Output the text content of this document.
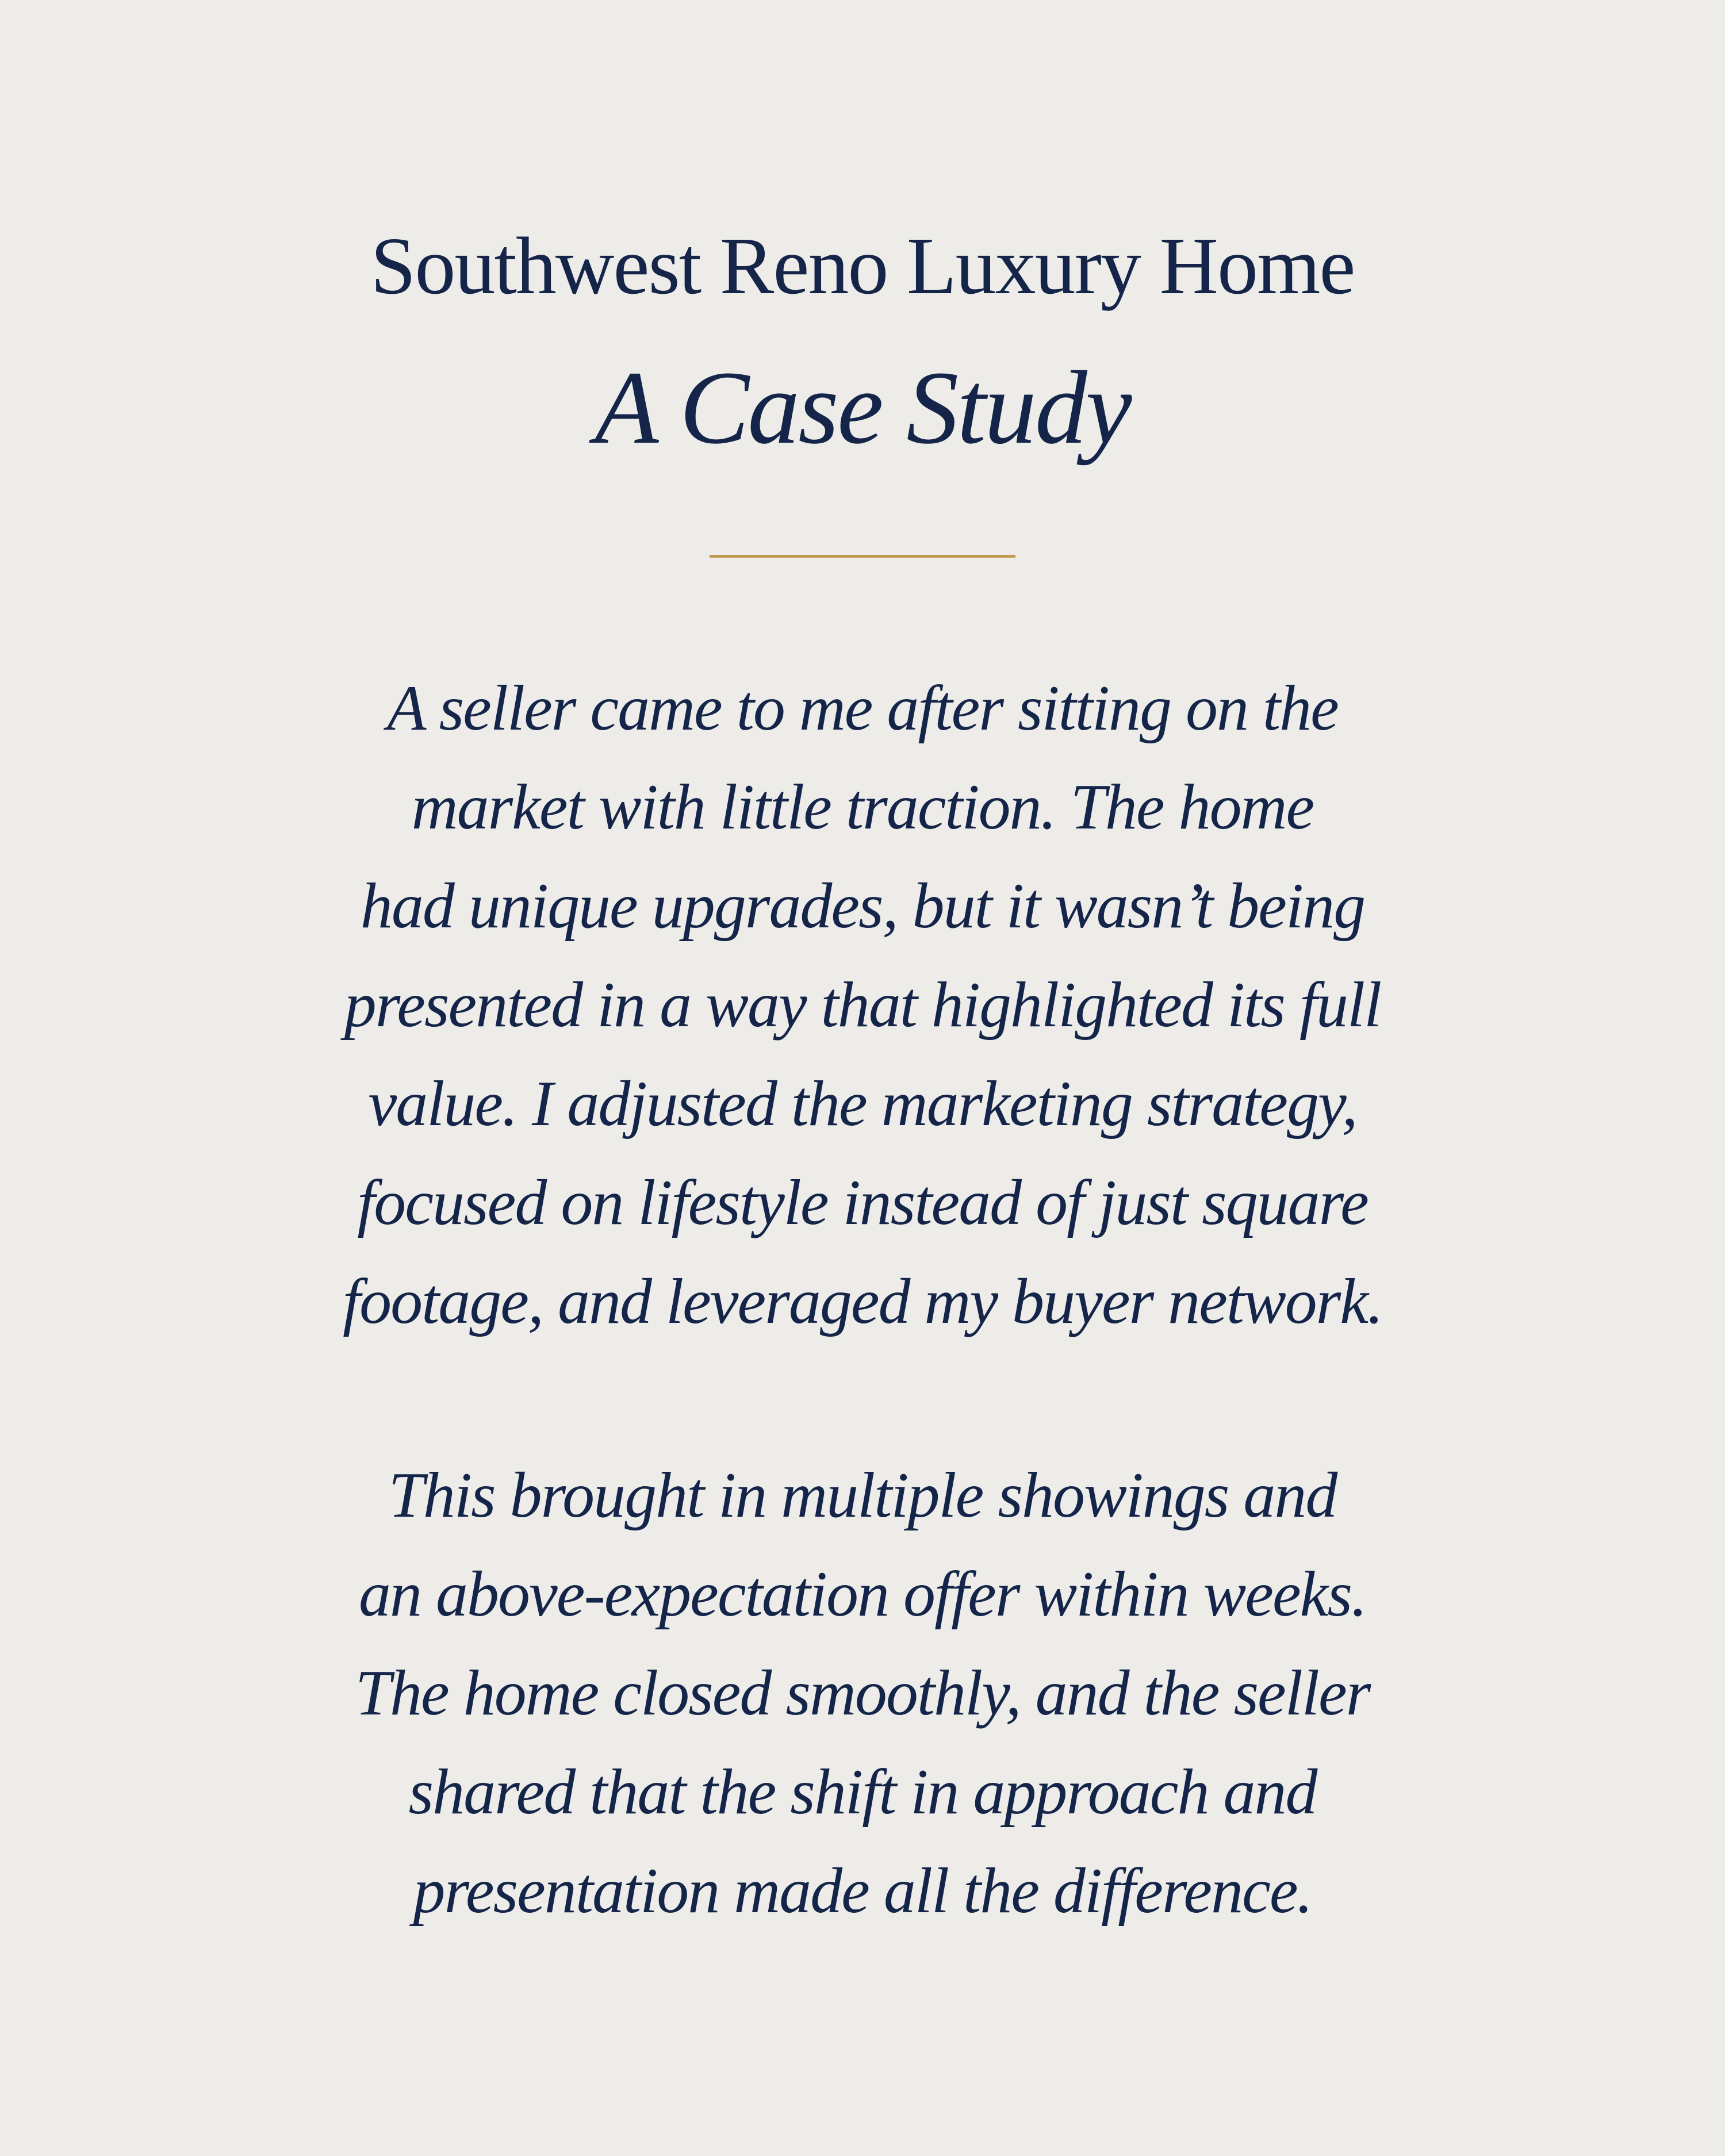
Southwest Reno Luxury Home
A Case Study
A seller came to me after sitting on the
market with little traction. The home
had unique upgrades, but it wasn’t being
presented in a way that highlighted its full
value. I adjusted the marketing strategy,
focused on lifestyle instead of just square
footage, and leveraged my buyer network.
This brought in multiple showings and
an above-expectation offer within weeks.
The home closed smoothly, and the seller
shared that the shift in approach and
presentation made all the difference.
